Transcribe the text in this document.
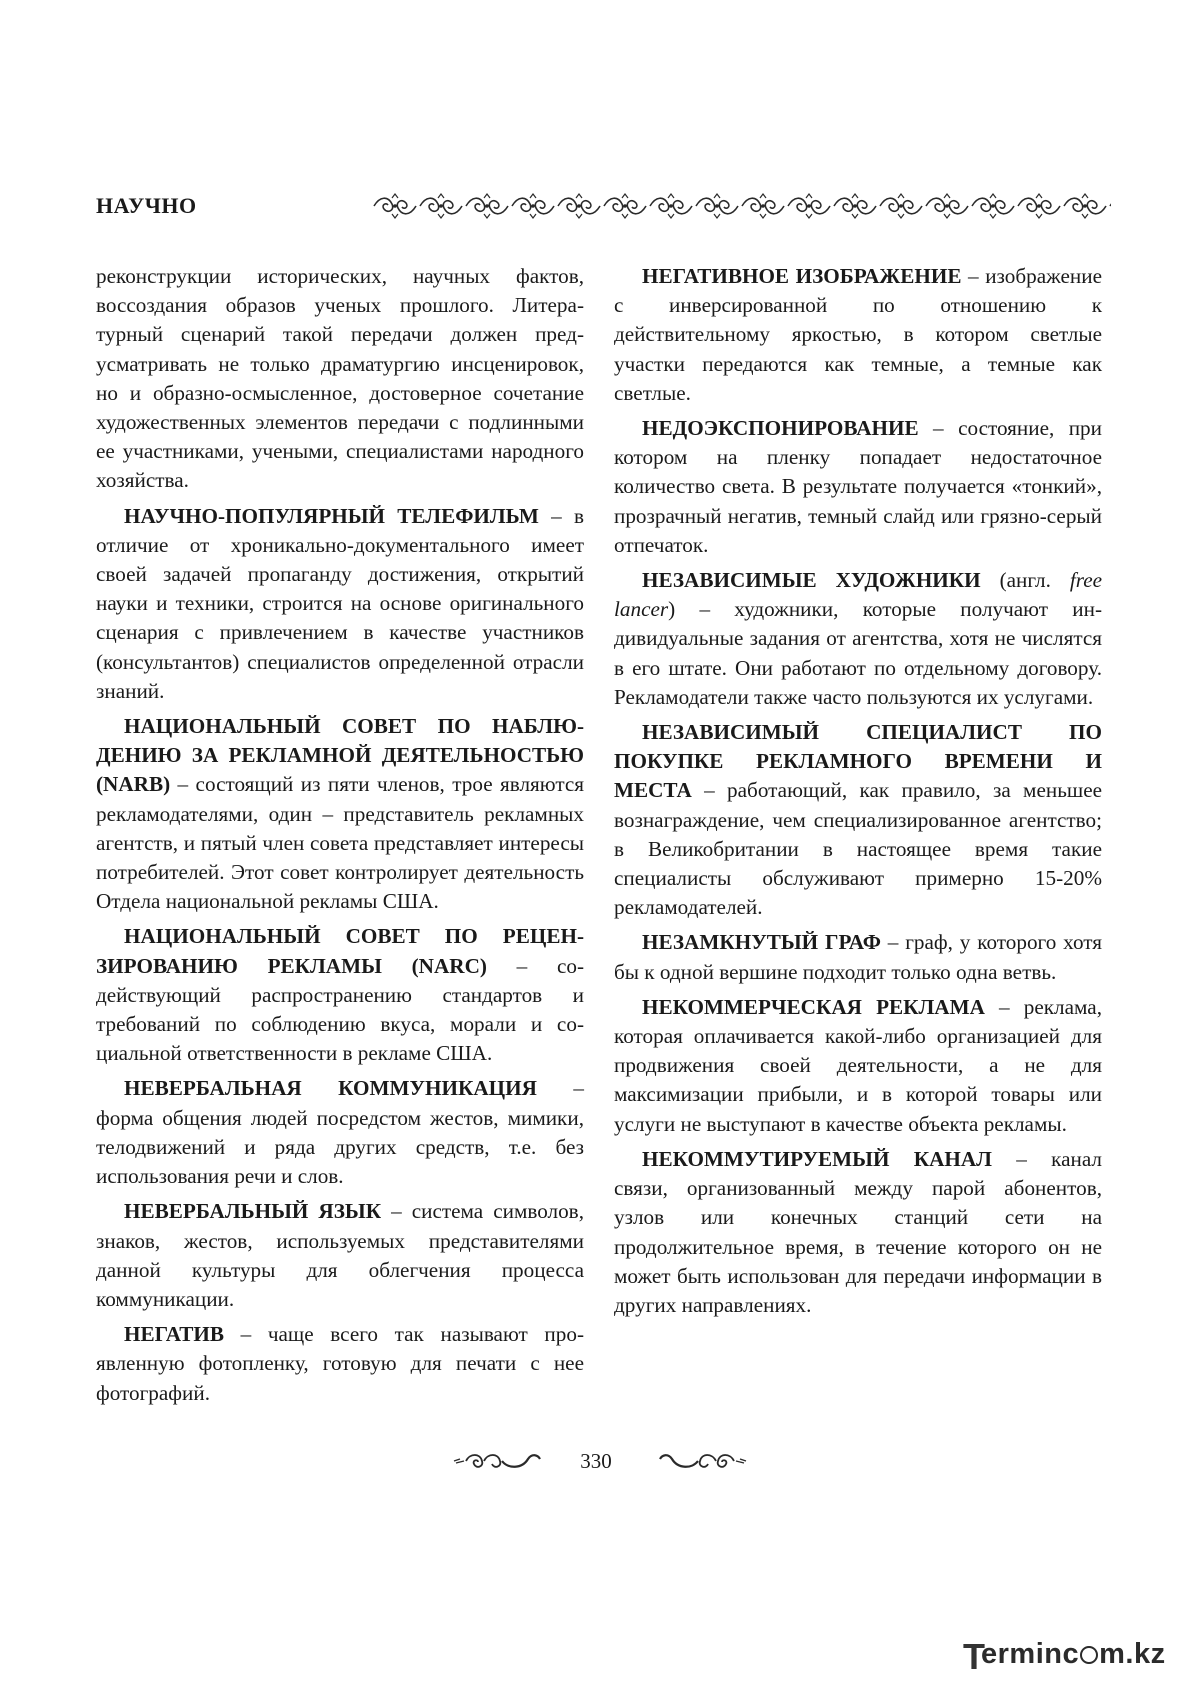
НАУЧНО

реконструкции исторических, научных фактов, воссоздания образов ученых прошлого. Литературный сценарий такой передачи должен предусматривать не только драматургию инсценировок, но и образно-осмысленное, достоверное сочетание художественных элементов передачи с подлинными ее участниками, учеными, специалистами народного хозяйства.

НАУЧНО-ПОПУЛЯРНЫЙ ТЕЛЕФИЛЬМ – в отличие от хроникально-документального имеет своей задачей пропаганду достижения, открытий науки и техники, строится на основе оригинального сценария с привлечением в качестве участников (консультантов) специалистов определенной отрасли знаний.

НАЦИОНАЛЬНЫЙ СОВЕТ ПО НАБЛЮДЕНИЮ ЗА РЕКЛАМНОЙ ДЕЯТЕЛЬНОСТЬЮ (NARB) – состоящий из пяти членов, трое являются рекламодателями, один – представитель рекламных агентств, и пятый член совета представляет интересы потребителей. Этот совет контролирует деятельность Отдела национальной рекламы США.

НАЦИОНАЛЬНЫЙ СОВЕТ ПО РЕЦЕНЗИРОВАНИЮ РЕКЛАМЫ (NARC) – содействующий распространению стандартов и требований по соблюдению вкуса, морали и социальной ответственности в рекламе США.

НЕВЕРБАЛЬНАЯ КОММУНИКАЦИЯ – форма общения людей посредстом жестов, мимики, телодвижений и ряда других средств, т.е. без использования речи и слов.

НЕВЕРБАЛЬНЫЙ ЯЗЫК – система символов, знаков, жестов, используемых представителями данной культуры для облегчения процесса коммуникации.

НЕГАТИВ – чаще всего так называют проявленную фотопленку, готовую для печати с нее фотографий.

НЕГАТИВНОЕ ИЗОБРАЖЕНИЕ – изображение с инверсированной по отношению к действительному яркостью, в котором светлые участки передаются как темные, а темные как светлые.

НЕДОЭКСПОНИРОВАНИЕ – состояние, при котором на пленку попадает недостаточное количество света. В результате получается «тонкий», прозрачный негатив, темный слайд или грязно-серый отпечаток.

НЕЗАВИСИМЫЕ ХУДОЖНИКИ (англ. free lancer) – художники, которые получают индивидуальные задания от агентства, хотя не числятся в его штате. Они работают по отдельному договору. Рекламодатели также часто пользуются их услугами.

НЕЗАВИСИМЫЙ СПЕЦИАЛИСТ ПО ПОКУПКЕ РЕКЛАМНОГО ВРЕМЕНИ И МЕСТА – работающий, как правило, за меньшее вознаграждение, чем специализированное агентство; в Великобритании в настоящее время такие специалисты обслуживают примерно 15-20% рекламодателей.

НЕЗАМКНУТЫЙ ГРАФ – граф, у которого хотя бы к одной вершине подходит только одна ветвь.

НЕКОММЕРЧЕСКАЯ РЕКЛАМА – реклама, которая оплачивается какой-либо организацией для продвижения своей деятельности, а не для максимизации прибыли, и в которой товары или услуги не выступают в качестве объекта рекламы.

НЕКОММУТИРУЕМЫЙ КАНАЛ – канал связи, организованный между парой абонентов, узлов или конечных станций сети на продолжительное время, в течение которого он не может быть использован для передачи информации в других направлениях.

330
T
erminc m.kz
